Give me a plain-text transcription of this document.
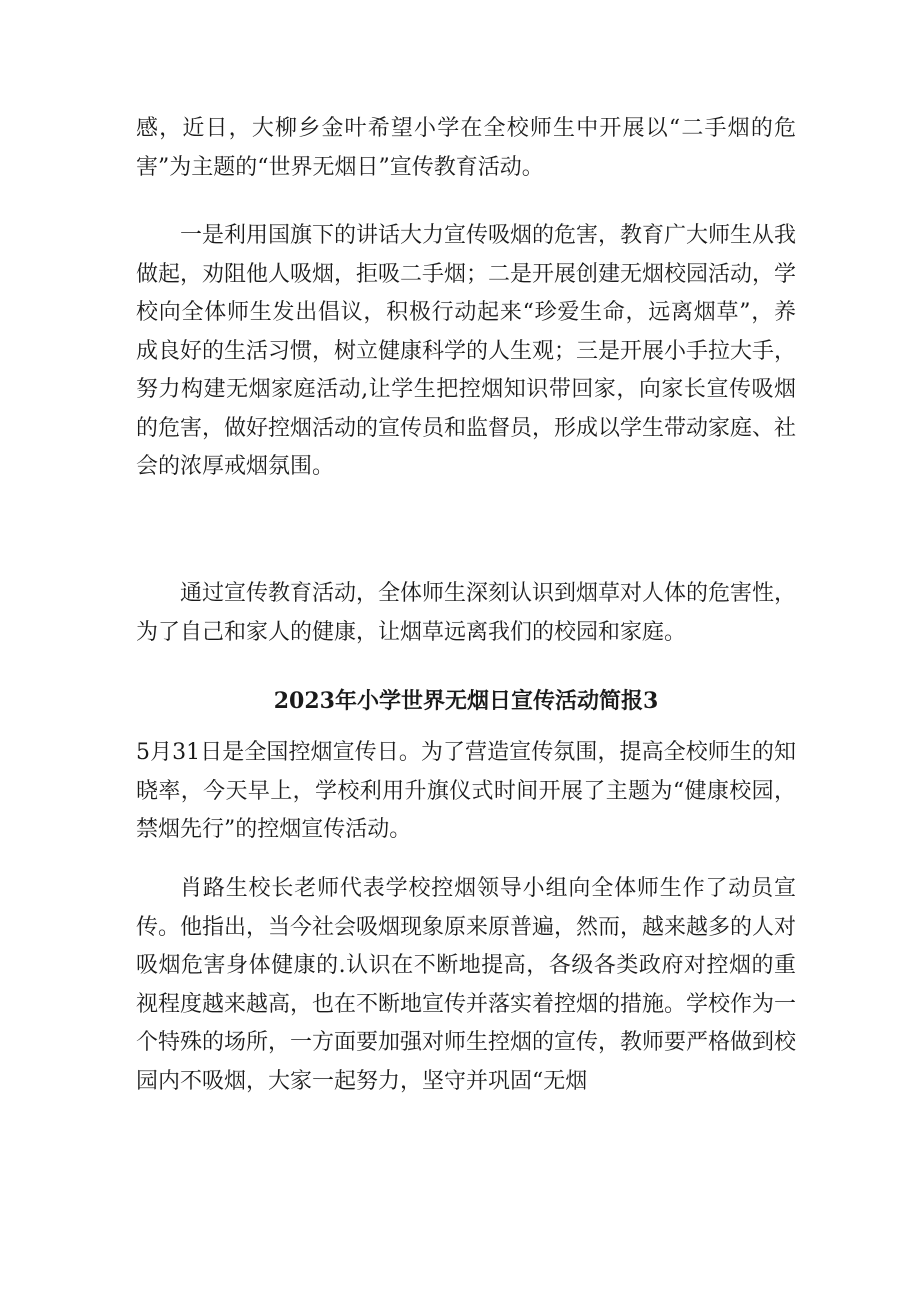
感，近日，大柳乡金叶希望小学在全校师生中开展以“二手烟的危害”为主题的“世界无烟日”宣传教育活动。

一是利用国旗下的讲话大力宣传吸烟的危害，教育广大师生从我做起，劝阻他人吸烟，拒吸二手烟；二是开展创建无烟校园活动，学校向全体师生发出倡议，积极行动起来“珍爱生命，远离烟草”，养成良好的生活习惯，树立健康科学的人生观；三是开展小手拉大手，努力构建无烟家庭活动,让学生把控烟知识带回家，向家长宣传吸烟的危害，做好控烟活动的宣传员和监督员，形成以学生带动家庭、社会的浓厚戒烟氛围。

通过宣传教育活动，全体师生深刻认识到烟草对人体的危害性，为了自己和家人的健康，让烟草远离我们的校园和家庭。

2023年小学世界无烟日宣传活动简报3

5月31日是全国控烟宣传日。为了营造宣传氛围，提高全校师生的知晓率，今天早上，学校利用升旗仪式时间开展了主题为“健康校园，禁烟先行”的控烟宣传活动。

肖路生校长老师代表学校控烟领导小组向全体师生作了动员宣传。他指出，当今社会吸烟现象原来原普遍，然而，越来越多的人对吸烟危害身体健康的.认识在不断地提高，各级各类政府对控烟的重视程度越来越高，也在不断地宣传并落实着控烟的措施。学校作为一个特殊的场所，一方面要加强对师生控烟的宣传，教师要严格做到校园内不吸烟，大家一起努力，坚守并巩固“无烟
